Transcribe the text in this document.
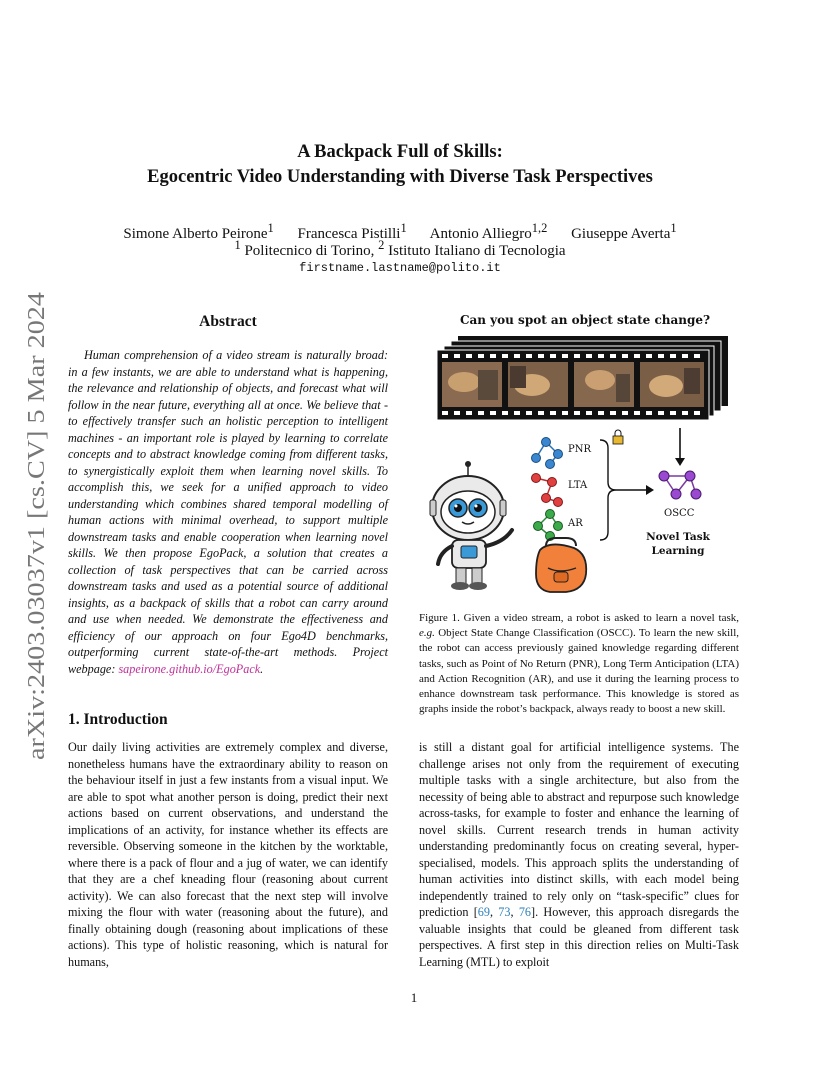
arXiv:2403.03037v1 [cs.CV] 5 Mar 2024
A Backpack Full of Skills:
Egocentric Video Understanding with Diverse Task Perspectives
Simone Alberto Peirone$^1$ Francesca Pistilli$^1$ Antonio Alliegro$^{1,2}$ Giuseppe Averta$^1$
$^1$ Politecnico di Torino, $^2$ Istituto Italiano di Tecnologia
firstname.lastname@polito.it
Abstract
Human comprehension of a video stream is naturally broad: in a few instants, we are able to understand what is happening, the relevance and relationship of objects, and forecast what will follow in the near future, everything all at once. We believe that - to effectively transfer such an holistic perception to intelligent machines - an important role is played by learning to correlate concepts and to abstract knowledge coming from different tasks, to synergistically exploit them when learning novel skills. To accomplish this, we seek for a unified approach to video understanding which combines shared temporal modelling of human actions with minimal overhead, to support multiple downstream tasks and enable cooperation when learning novel skills. We then propose EgoPack, a solution that creates a collection of task perspectives that can be carried across downstream tasks and used as a potential source of additional insights, as a backpack of skills that a robot can carry around and use when needed. We demonstrate the effectiveness and efficiency of our approach on four Ego4D benchmarks, outperforming current state-of-the-art methods. Project webpage: sapeirone.github.io/EgoPack.
1. Introduction
Our daily living activities are extremely complex and diverse, nonetheless humans have the extraordinary ability to reason on the behaviour itself in just a few instants from a visual input. We are able to spot what another person is doing, predict their next actions based on current observations, and understand the implications of an activity, for instance whether its effects are reversible. Observing someone in the kitchen by the worktable, where there is a pack of flour and a jug of water, we can identify that they are a chef kneading flour (reasoning about current activity). We can also forecast that the next step will involve mixing the flour with water (reasoning about the future), and finally obtaining dough (reasoning about implications of these actions). This type of holistic reasoning, which is natural for humans,
Can you spot an object state change?
PNR
LTA
AR
OSCC
Novel Task
Learning
Figure 1. Given a video stream, a robot is asked to learn a novel task, e.g. Object State Change Classification (OSCC). To learn the new skill, the robot can access previously gained knowledge regarding different tasks, such as Point of No Return (PNR), Long Term Anticipation (LTA) and Action Recognition (AR), and use it during the learning process to enhance downstream task performance. This knowledge is stored as graphs inside the robot’s backpack, always ready to boost a new skill.
is still a distant goal for artificial intelligence systems. The challenge arises not only from the requirement of executing multiple tasks with a single architecture, but also from the necessity of being able to abstract and repurpose such knowledge across-tasks, for example to foster and enhance the learning of novel skills. Current research trends in human activity understanding predominantly focus on creating several, hyper-specialised, models. This approach splits the understanding of human activities into distinct skills, with each model being independently trained to rely only on “task-specific” clues for prediction [69, 73, 76]. However, this approach disregards the valuable insights that could be gleaned from different task perspectives. A first step in this direction relies on Multi-Task Learning (MTL) to exploit
1
